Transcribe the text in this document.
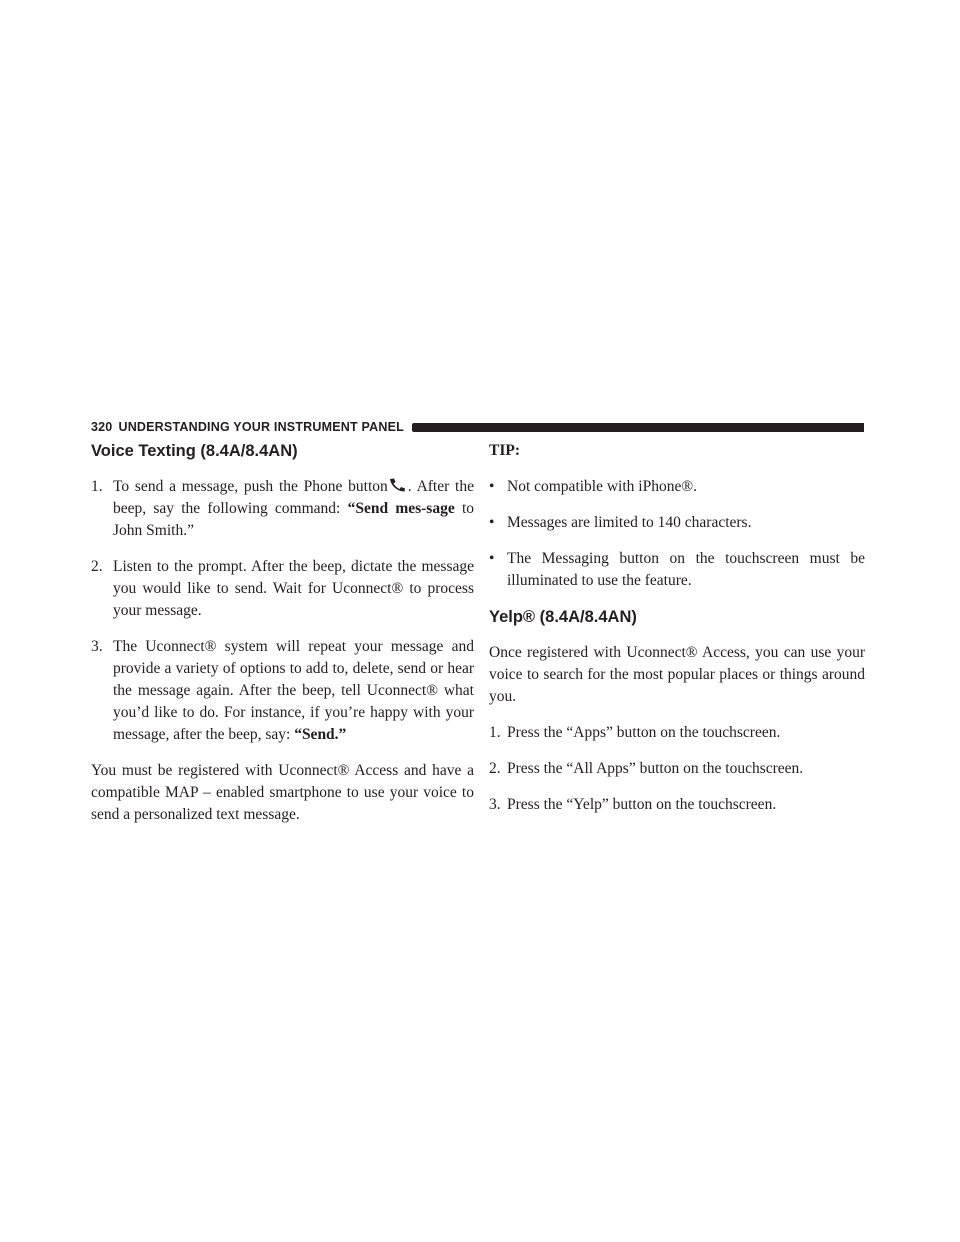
320 UNDERSTANDING YOUR INSTRUMENT PANEL
Voice Texting (8.4A/8.4AN)
1. To send a message, push the Phone button . After the beep, say the following command: “Send mes-sage to John Smith.”
2. Listen to the prompt. After the beep, dictate the message you would like to send. Wait for Uconnect® to process your message.
3. The Uconnect® system will repeat your message and provide a variety of options to add to, delete, send or hear the message again. After the beep, tell Uconnect® what you’d like to do. For instance, if you’re happy with your message, after the beep, say: “Send.”

You must be registered with Uconnect® Access and have a compatible MAP – enabled smartphone to use your voice to send a personalized text message.

TIP:
• Not compatible with iPhone®.
• Messages are limited to 140 characters.
• The Messaging button on the touchscreen must be illuminated to use the feature.
Yelp® (8.4A/8.4AN)

Once registered with Uconnect® Access, you can use your voice to search for the most popular places or things around you.

1. Press the “Apps” button on the touchscreen.
2. Press the “All Apps” button on the touchscreen.
3. Press the “Yelp” button on the touchscreen.
